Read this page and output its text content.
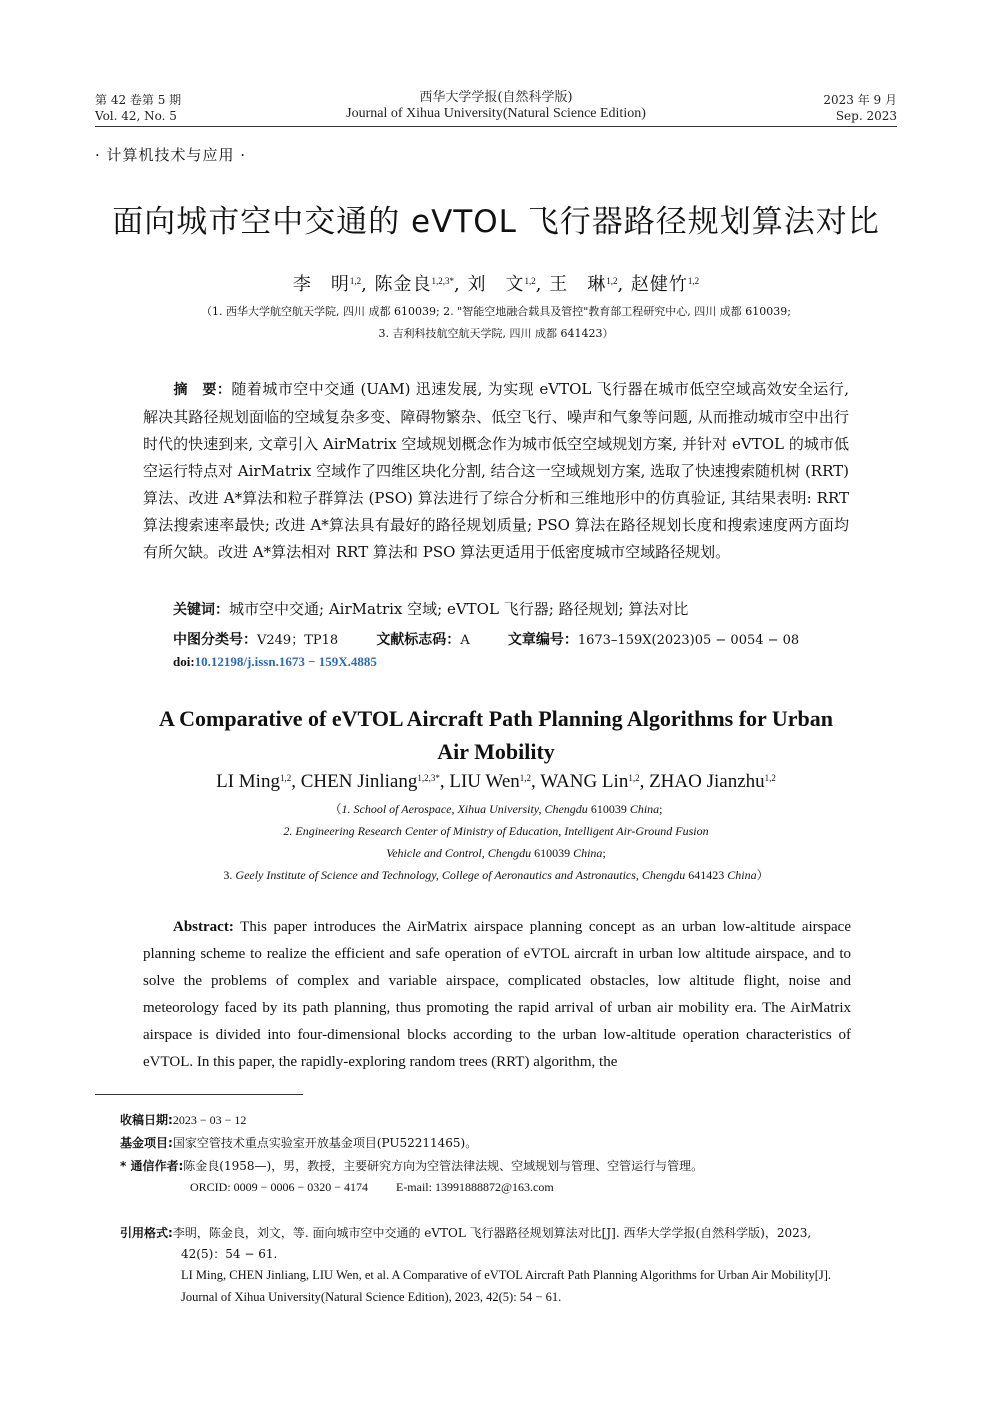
第 42 卷第 5 期
Vol. 42, No. 5
西华大学学报(自然科学版)
Journal of Xihua University(Natural Science Edition)
2023 年 9 月
Sep. 2023
· 计算机技术与应用 ·
面向城市空中交通的 eVTOL 飞行器路径规划算法对比
李　明$^{1,2}$, 陈金良$^{1,2,3*}$, 刘　文$^{1,2}$, 王　琳$^{1,2}$, 赵健竹$^{1,2}$
（1. 西华大学航空航天学院, 四川 成都 610039; 2. "智能空地融合载具及管控"教育部工程研究中心, 四川 成都 610039;
3. 吉利科技航空航天学院, 四川 成都 641423）
摘　要：随着城市空中交通 (UAM) 迅速发展, 为实现 eVTOL 飞行器在城市低空空域高效安全运行, 解决其路径规划面临的空域复杂多变、障碍物繁杂、低空飞行、噪声和气象等问题, 从而推动城市空中出行时代的快速到来, 文章引入 AirMatrix 空域规划概念作为城市低空空域规划方案, 并针对 eVTOL 的城市低空运行特点对 AirMatrix 空域作了四维区块化分割, 结合这一空域规划方案, 选取了快速搜索随机树 (RRT) 算法、改进 A*算法和粒子群算法 (PSO) 算法进行了综合分析和三维地形中的仿真验证, 其结果表明: RRT 算法搜索速率最快; 改进 A*算法具有最好的路径规划质量; PSO 算法在路径规划长度和搜索速度两方面均有所欠缺。改进 A*算法相对 RRT 算法和 PSO 算法更适用于低密度城市空域路径规划。
关键词：城市空中交通; AirMatrix 空域; eVTOL 飞行器; 路径规划; 算法对比
中图分类号：V249；TP18	文献标志码：A	文章编号：1673–159X(2023)05 − 0054 − 08
doi:10.12198/j.issn.1673 − 159X.4885
A Comparative of eVTOL Aircraft Path Planning Algorithms for Urban Air Mobility
LI Ming$^{1,2}$, CHEN Jinliang$^{1,2,3*}$, LIU Wen$^{1,2}$, WANG Lin$^{1,2}$, ZHAO Jianzhu$^{1,2}$
（1. School of Aerospace, Xihua University, Chengdu 610039 China;
2. Engineering Research Center of Ministry of Education, Intelligent Air-Ground Fusion
Vehicle and Control, Chengdu 610039 China;
3. Geely Institute of Science and Technology, College of Aeronautics and Astronautics, Chengdu 641423 China）
Abstract: This paper introduces the AirMatrix airspace planning concept as an urban low-altitude airspace planning scheme to realize the efficient and safe operation of eVTOL aircraft in urban low altitude airspace, and to solve the problems of complex and variable airspace, complicated obstacles, low altitude flight, noise and meteorology faced by its path planning, thus promoting the rapid arrival of urban air mobility era. The AirMatrix airspace is divided into four-dimensional blocks according to the urban low-altitude operation characteristics of eVTOL. In this paper, the rapidly-exploring random trees (RRT) algorithm, the
收稿日期:2023 − 03 − 12
基金项目:国家空管技术重点实验室开放基金项目(PU52211465)。
* 通信作者:陈金良(1958—)，男，教授，主要研究方向为空管法律法规、空域规划与管理、空管运行与管理。
ORCID: 0009 − 0006 − 0320 − 4174 E-mail: 13991888872@163.com
引用格式:李明，陈金良，刘文，等. 面向城市空中交通的 eVTOL 飞行器路径规划算法对比[J]. 西华大学学报(自然科学版)，2023,
42(5)：54 − 61.
LI Ming, CHEN Jinliang, LIU Wen, et al. A Comparative of eVTOL Aircraft Path Planning Algorithms for Urban Air Mobility[J].
Journal of Xihua University(Natural Science Edition), 2023, 42(5): 54 − 61.
